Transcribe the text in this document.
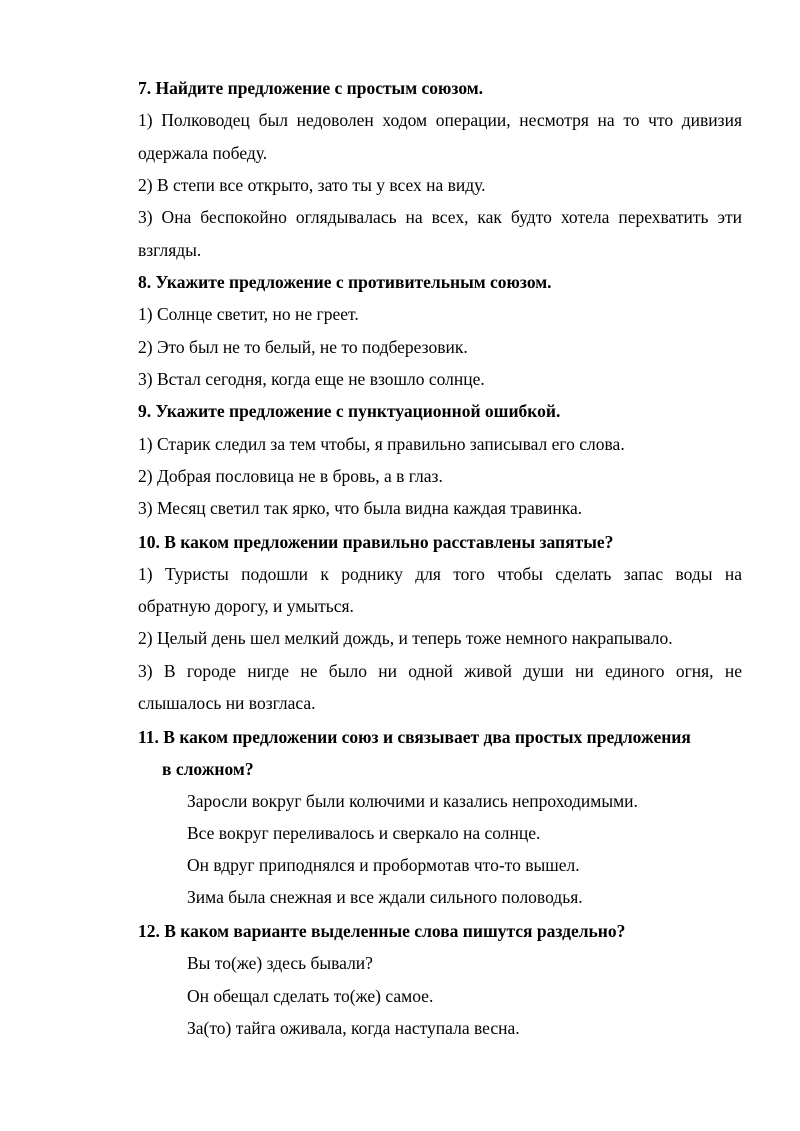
7. Найдите предложение с простым союзом.
1) Полководец был недоволен ходом операции, несмотря на то что дивизия
одержала победу.
2) В степи все открыто, зато ты у всех на виду.
3) Она беспокойно оглядывалась на всех, как будто хотела перехватить эти
взгляды.
8. Укажите предложение с противительным союзом.
1) Солнце светит, но не греет.
2) Это был не то белый, не то подберезовик.
3) Встал сегодня, когда еще не взошло солнце.
9. Укажите предложение с пунктуационной ошибкой.
1) Старик следил за тем чтобы, я правильно записывал его слова.
2) Добрая пословица не в бровь, а в глаз.
3) Месяц светил так ярко, что была видна каждая травинка.
10. В каком предложении правильно расставлены запятые?
1) Туристы подошли к роднику для того чтобы сделать запас воды на
обратную дорогу, и умыться.
2) Целый день шел мелкий дождь, и теперь тоже немного накрапывало.
3) В городе нигде не было ни одной живой души ни единого огня, не
слышалось ни возгласа.
11. В каком предложении союз и связывает два простых предложения
в сложном?
Заросли вокруг были колючими и казались непроходимыми.
Все вокруг переливалось и сверкало на солнце.
Он вдруг приподнялся и пробормотав что-то вышел.
Зима была снежная и все ждали сильного половодья.
12. В каком варианте выделенные слова пишутся раздельно?
Вы то(же) здесь бывали?
Он обещал сделать то(же) самое.
За(то) тайга оживала, когда наступала весна.
